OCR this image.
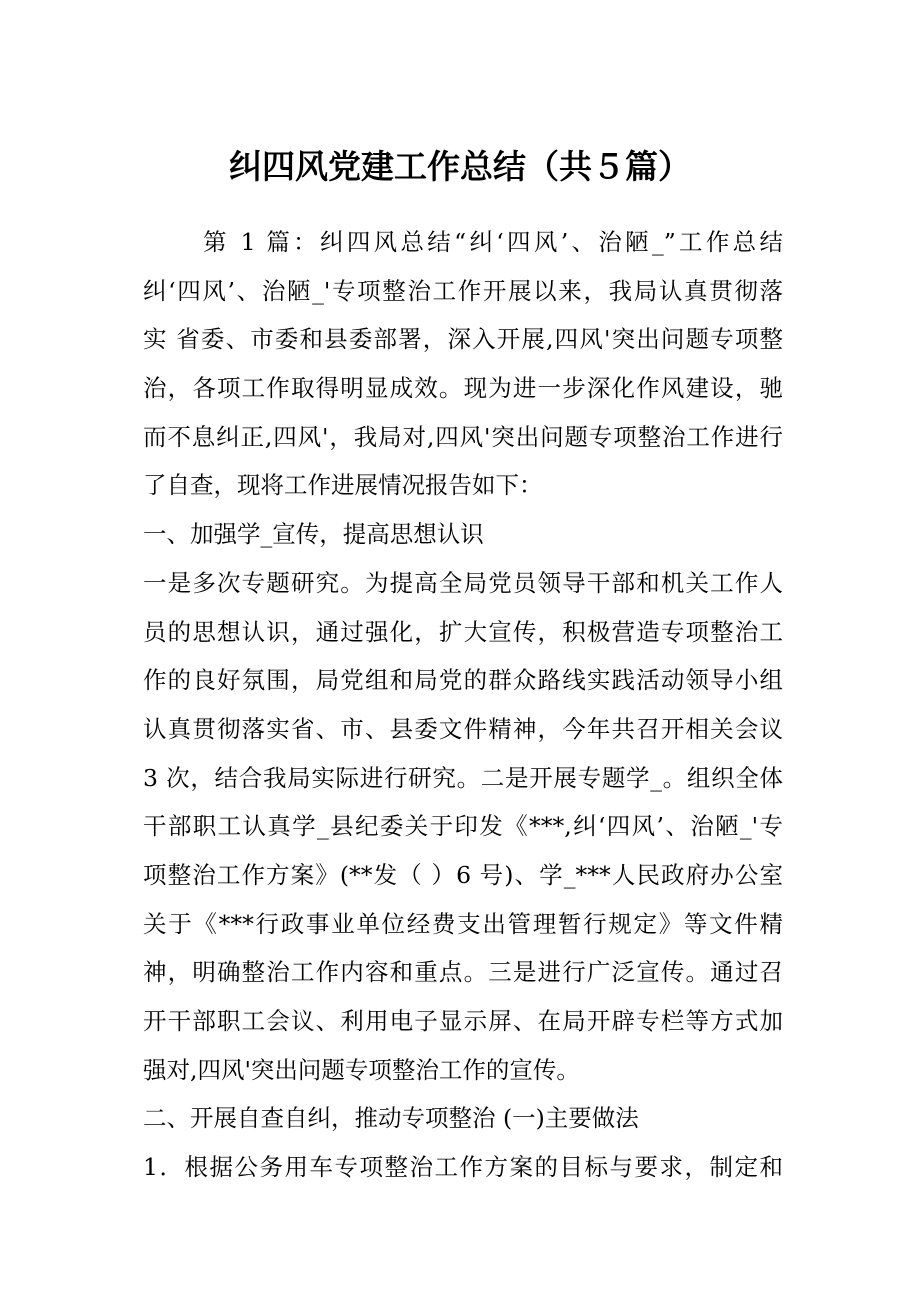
纠四风党建工作总结（共５篇）
第 1 篇：纠四风总结“纠‘四风’、治陋_”工作总结
纠‘四风’、治陋_'专项整治工作开展以来，我局认真贯彻落
实 省委、市委和县委部署，深入开展,四风'突出问题专项整
治，各项工作取得明显成效。现为进一步深化作风建设，驰
而不息纠正,四风'，我局对,四风'突出问题专项整治工作进行
了自查，现将工作进展情况报告如下：
一、加强学_宣传，提高思想认识
一是多次专题研究。为提高全局党员领导干部和机关工作人
员的思想认识，通过强化，扩大宣传，积极营造专项整治工
作的良好氛围，局党组和局党的群众路线实践活动领导小组
认真贯彻落实省、市、县委文件精神，今年共召开相关会议
3 次，结合我局实际进行研究。二是开展专题学_。组织全体
干部职工认真学_县纪委关于印发《***,纠‘四风’、治陋_'专
项整治工作方案》(**发（ ）6 号)、学_***人民政府办公室
关于《***行政事业单位经费支出管理暂行规定》等文件精
神，明确整治工作内容和重点。三是进行广泛宣传。通过召
开干部职工会议、利用电子显示屏、在局开辟专栏等方式加
强对,四风'突出问题专项整治工作的宣传。
二、开展自查自纠，推动专项整治 (一)主要做法
1．根据公务用车专项整治工作方案的目标与要求，制定和
